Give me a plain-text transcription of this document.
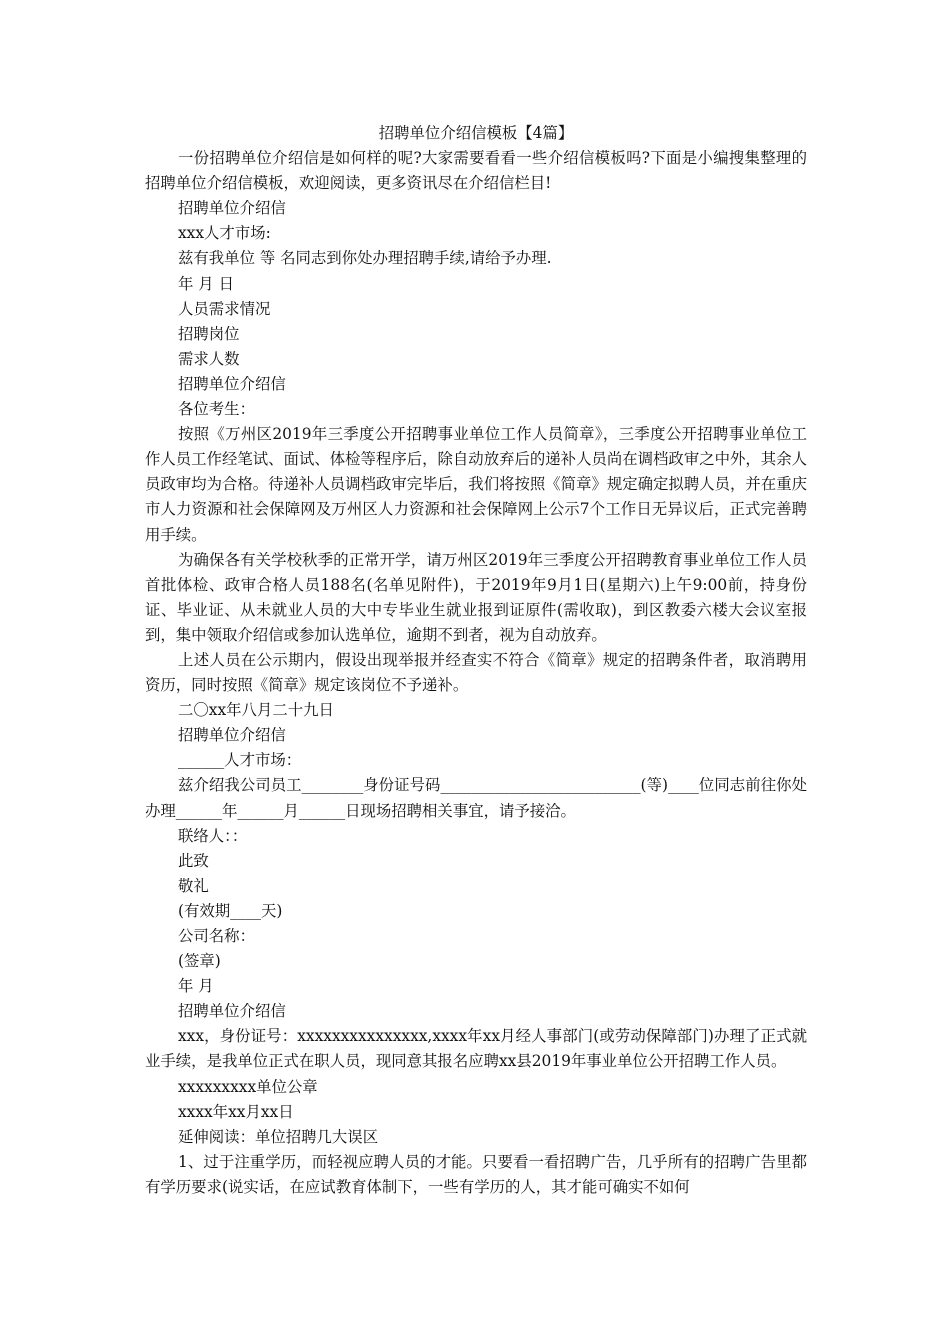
招聘单位介绍信模板【4篇】
一份招聘单位介绍信是如何样的呢?大家需要看看一些介绍信模板吗?下面是小编搜集整理的招聘单位介绍信模板，欢迎阅读，更多资讯尽在介绍信栏目!
招聘单位介绍信
xxx人才市场:
兹有我单位 等 名同志到你处办理招聘手续,请给予办理.
年 月 日
人员需求情况
招聘岗位
需求人数
招聘单位介绍信
各位考生：
按照《万州区2019年三季度公开招聘事业单位工作人员简章》，三季度公开招聘事业单位工作人员工作经笔试、面试、体检等程序后，除自动放弃后的递补人员尚在调档政审之中外，其余人员政审均为合格。待递补人员调档政审完毕后，我们将按照《简章》规定确定拟聘人员，并在重庆市人力资源和社会保障网及万州区人力资源和社会保障网上公示7个工作日无异议后，正式完善聘用手续。
为确保各有关学校秋季的正常开学，请万州区2019年三季度公开招聘教育事业单位工作人员首批体检、政审合格人员188名(名单见附件)，于2019年9月1日(星期六)上午9:00前，持身份证、毕业证、从未就业人员的大中专毕业生就业报到证原件(需收取)，到区教委六楼大会议室报到，集中领取介绍信或参加认选单位，逾期不到者，视为自动放弃。
上述人员在公示期内，假设出现举报并经查实不符合《简章》规定的招聘条件者，取消聘用资历，同时按照《简章》规定该岗位不予递补。
二〇xx年八月二十九日
招聘单位介绍信
______人才市场：
兹介绍我公司员工________身份证号码__________________________(等)____位同志前往你处办理______年______月______日现场招聘相关事宜，请予接洽。
联络人：：
此致
敬礼
(有效期____天)
公司名称：
(签章)
年 月
招聘单位介绍信
xxx，身份证号：xxxxxxxxxxxxxxx,xxxx年xx月经人事部门(或劳动保障部门)办理了正式就业手续，是我单位正式在职人员，现同意其报名应聘xx县2019年事业单位公开招聘工作人员。
xxxxxxxxx单位公章
xxxx年xx月xx日
延伸阅读：单位招聘几大误区
1、过于注重学历，而轻视应聘人员的才能。只要看一看招聘广告，几乎所有的招聘广告里都有学历要求(说实话，在应试教育体制下，一些有学历的人，其才能可确实不如何
